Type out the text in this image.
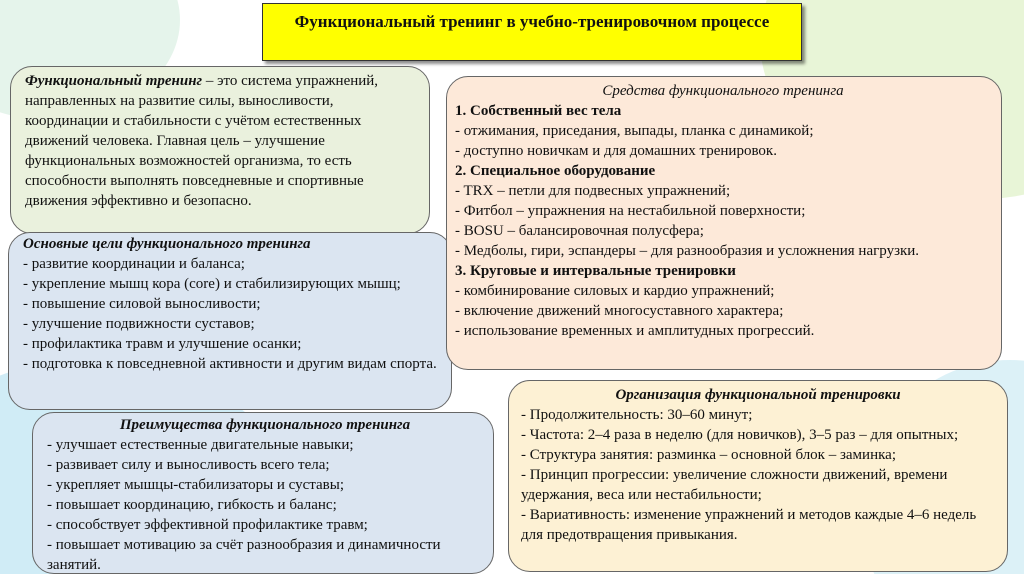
Функциональный тренинг в учебно-тренировочном процессе

Функциональный тренинг – это система упражнений, направленных на развитие силы, выносливости, координации и стабильности с учётом естественных движений человека. Главная цель – улучшение функциональных возможностей организма, то есть способности выполнять повседневные и спортивные движения эффективно и безопасно.

Основные цели функционального тренинга

- развитие координации и баланса;

- укрепление мышц кора (core) и стабилизирующих мышц;

- повышение силовой выносливости;

- улучшение подвижности суставов;

- профилактика травм и улучшение осанки;

- подготовка к повседневной активности и другим видам спорта.

Преимущества функционального тренинга

- улучшает естественные двигательные навыки;

- развивает силу и выносливость всего тела;

- укрепляет мышцы-стабилизаторы и суставы;

- повышает координацию, гибкость и баланс;

- способствует эффективной профилактике травм;

- повышает мотивацию за счёт разнообразия и динамичности занятий.

Средства функционального тренинга

1. Собственный вес тела

- отжимания, приседания, выпады, планка с динамикой;

- доступно новичкам и для домашних тренировок.

2. Специальное оборудование

- TRX – петли для подвесных упражнений;

- Фитбол – упражнения на нестабильной поверхности;

- BOSU – балансировочная полусфера;

- Медболы, гири, эспандеры – для разнообразия и усложнения нагрузки.

3. Круговые и интервальные тренировки

- комбинирование силовых и кардио упражнений;

- включение движений многосуставного характера;

- использование временных и амплитудных прогрессий.

Организация функциональной тренировки

- Продолжительность: 30–60 минут;

- Частота: 2–4 раза в неделю (для новичков), 3–5 раз – для опытных;

- Структура занятия: разминка – основной блок – заминка;

- Принцип прогрессии: увеличение сложности движений, времени удержания, веса или нестабильности;

- Вариативность: изменение упражнений и методов каждые 4–6 недель для предотвращения привыкания.
